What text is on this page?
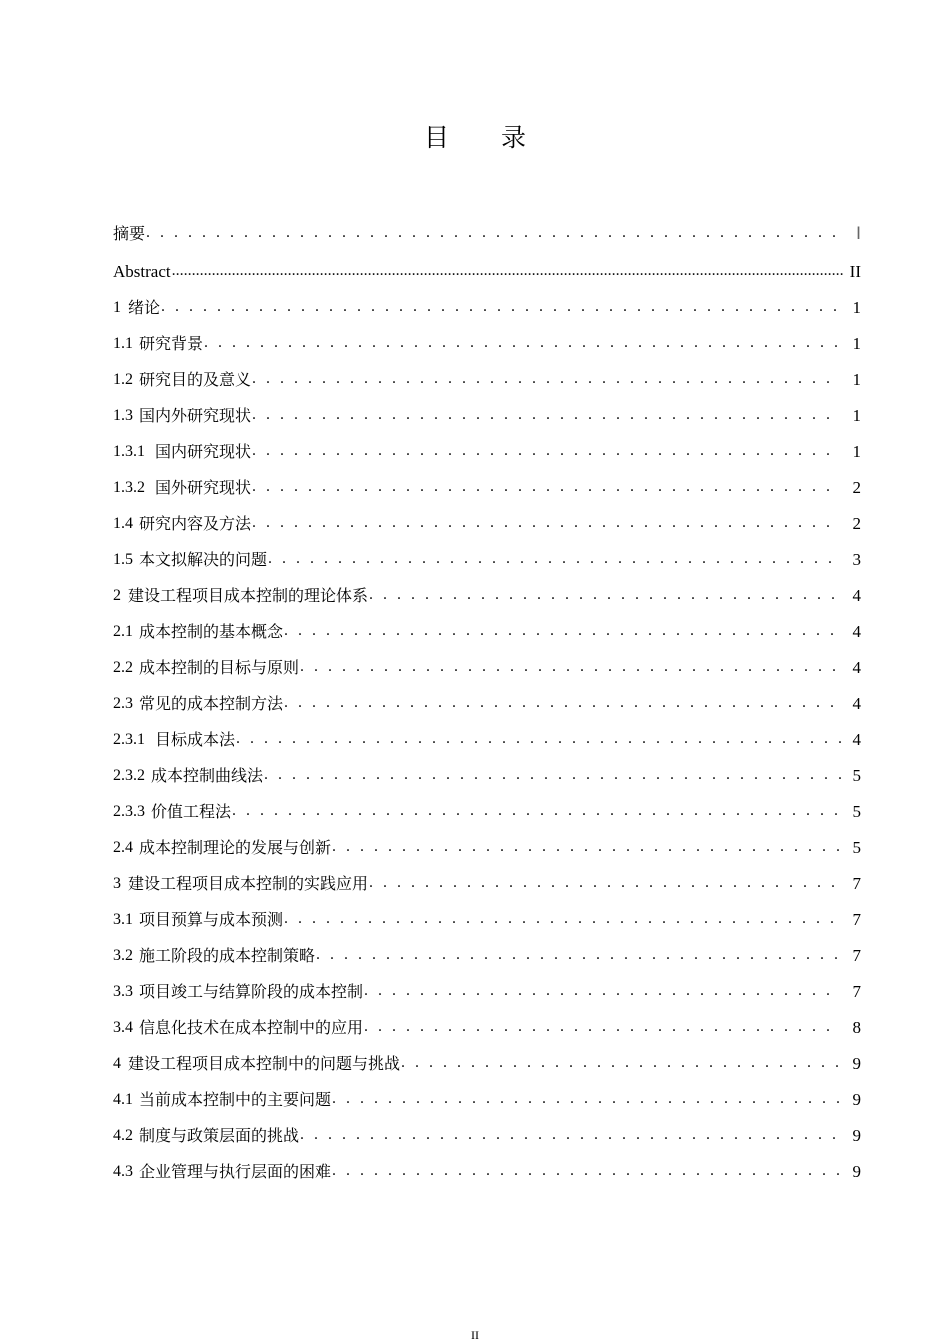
目 录
摘要 . . .	Ⅰ
Abstract .....	II
1 绪论 . . .	1
1.1 研究背景 . . .	1
1.2 研究目的及意义 . . .	1
1.3 国内外研究现状 . . .	1
1.3.1 国内研究现状 . . .	1
1.3.2 国外研究现状 . . .	2
1.4 研究内容及方法 . . .	2
1.5 本文拟解决的问题 . . .	3
2 建设工程项目成本控制的理论体系 . . .	4
2.1 成本控制的基本概念 . . .	4
2.2 成本控制的目标与原则 . . .	4
2.3 常见的成本控制方法 . . .	4
2.3.1 目标成本法 . . .	4
2.3.2 成本控制曲线法 . . .	5
2.3.3 价值工程法 . . .	5
2.4 成本控制理论的发展与创新 . . .	5
3 建设工程项目成本控制的实践应用 . . .	7
3.1 项目预算与成本预测 . . .	7
3.2 施工阶段的成本控制策略 . . .	7
3.3 项目竣工与结算阶段的成本控制 . . .	7
3.4 信息化技术在成本控制中的应用 . . .	8
4 建设工程项目成本控制中的问题与挑战 . . .	9
4.1 当前成本控制中的主要问题 . . .	9
4.2 制度与政策层面的挑战 . . .	9
4.3 企业管理与执行层面的困难 . . .	9
II
